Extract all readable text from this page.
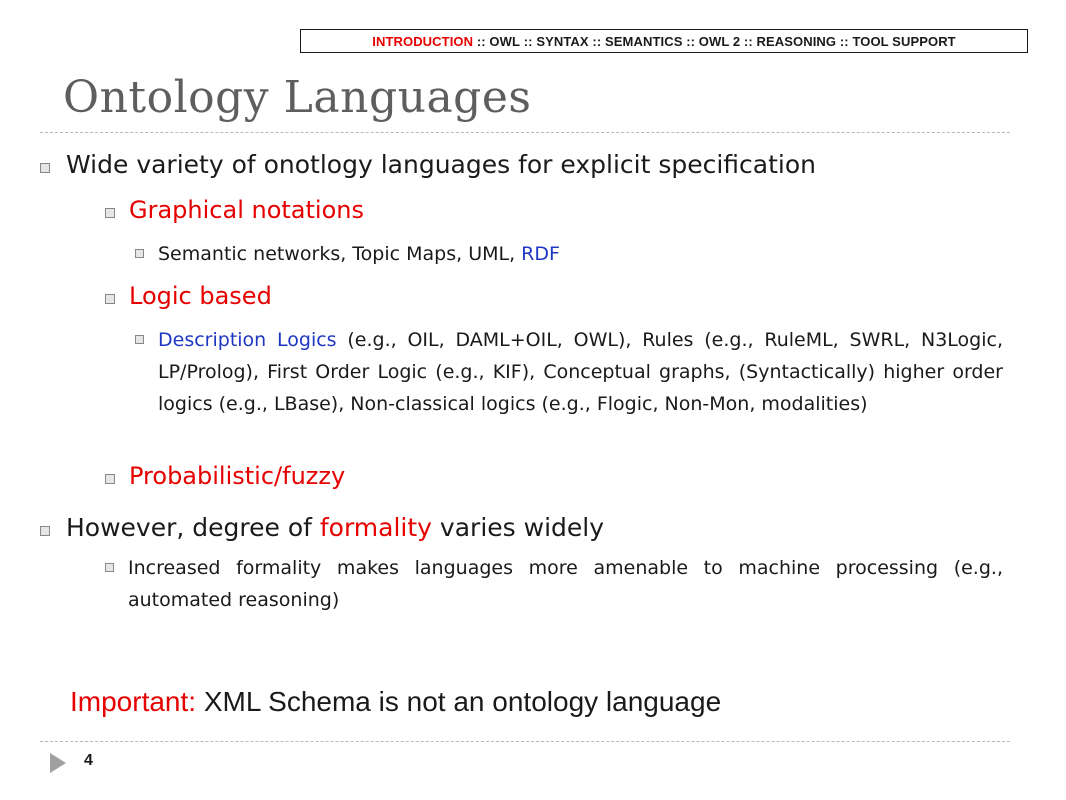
INTRODUCTION
::
OWL
::
SYNTAX
::
SEMANTICS
::
OWL 2
::
REASONING
::
TOOL SUPPORT
Ontology Languages
Wide variety of onotlogy languages for explicit specification
Graphical notations
Semantic networks, Topic Maps, UML, RDF
Logic based
Description Logics (e.g., OIL, DAML+OIL, OWL), Rules (e.g., RuleML, SWRL, N3Logic, LP/Prolog), First Order Logic (e.g., KIF), Conceptual graphs, (Syntactically) higher order logics (e.g., LBase), Non-classical logics (e.g., Flogic, Non-Mon, modalities)
Probabilistic/fuzzy
However, degree of formality varies widely
Increased formality makes languages more amenable to machine processing (e.g., automated reasoning)
Important: XML Schema is not an ontology language
4
